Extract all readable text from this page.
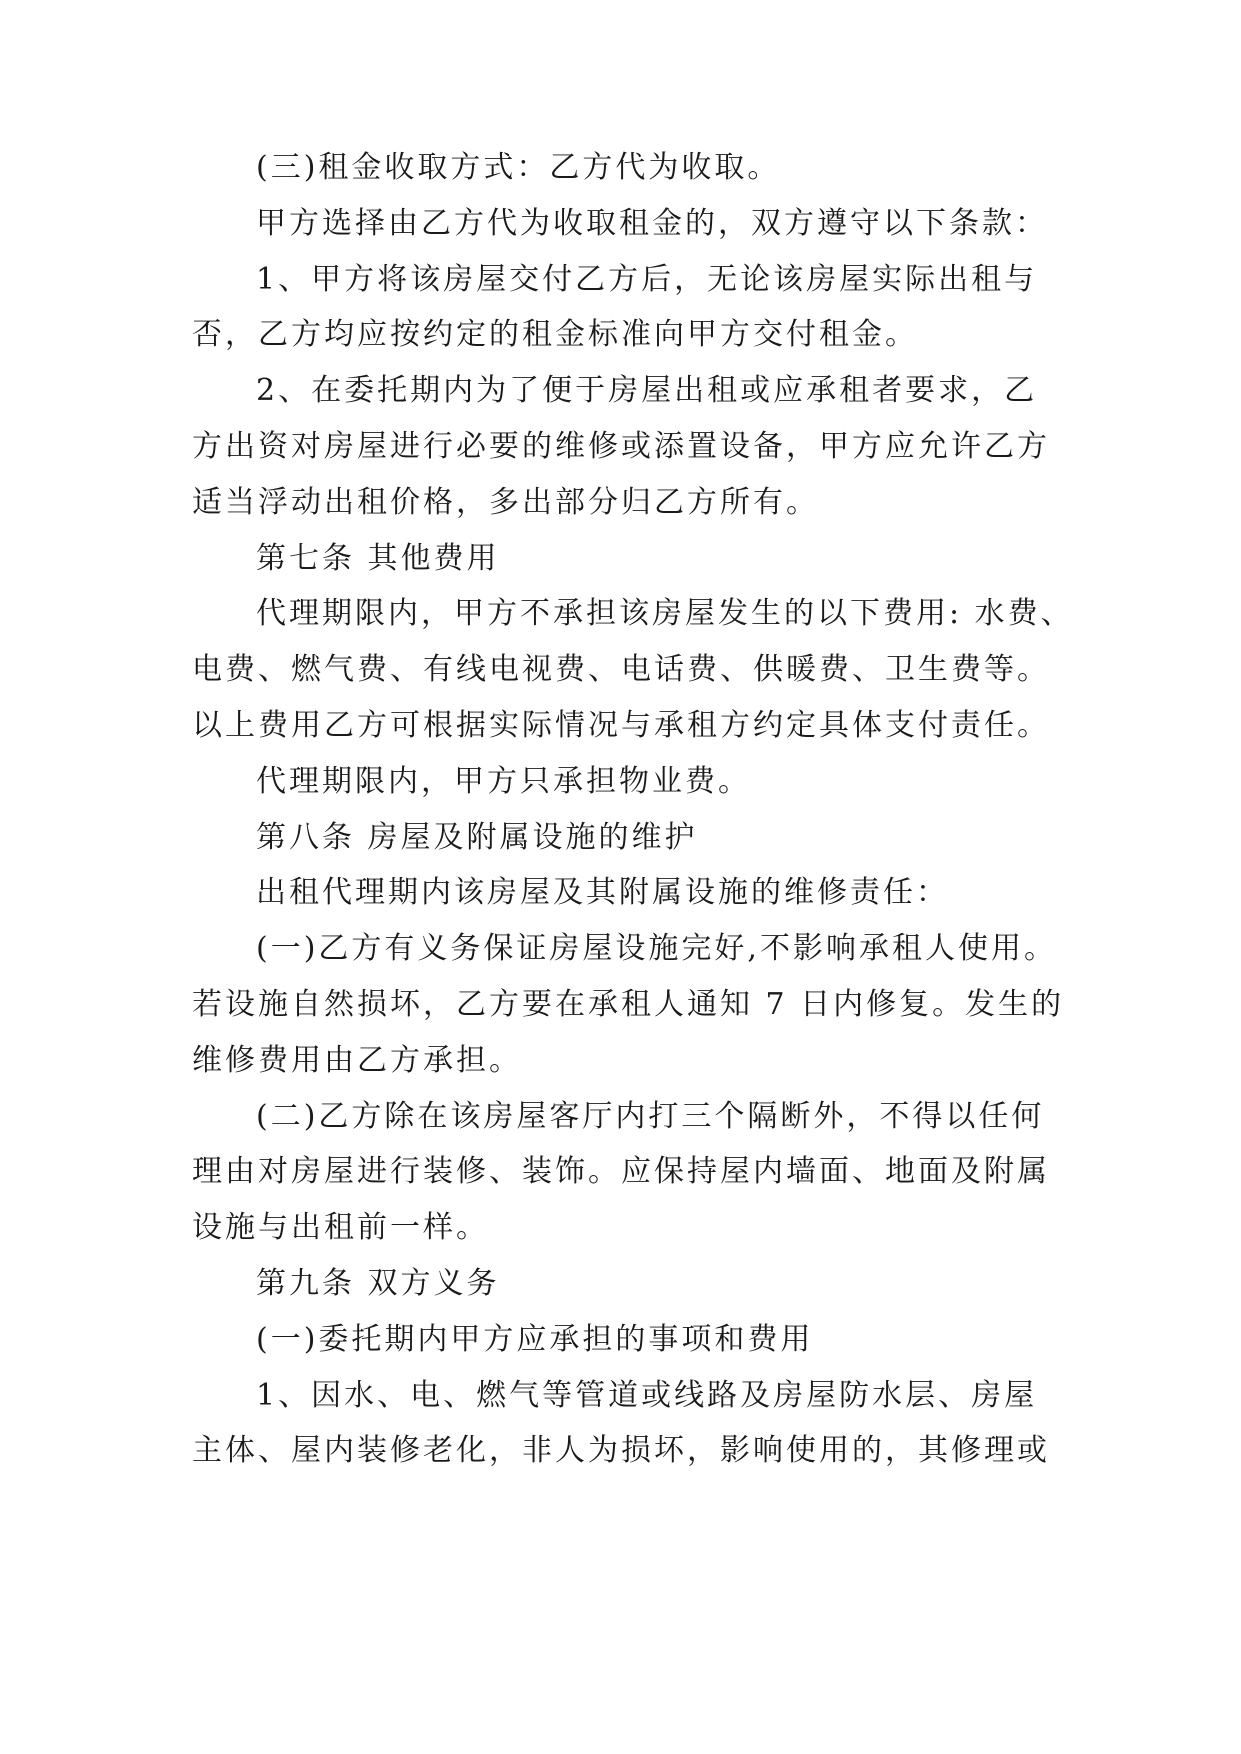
(三)租金收取方式：乙方代为收取。
甲方选择由乙方代为收取租金的，双方遵守以下条款：
1、甲方将该房屋交付乙方后，无论该房屋实际出租与
否，乙方均应按约定的租金标准向甲方交付租金。
2、在委托期内为了便于房屋出租或应承租者要求，乙
方出资对房屋进行必要的维修或添置设备，甲方应允许乙方
适当浮动出租价格，多出部分归乙方所有。
第七条 其他费用
代理期限内，甲方不承担该房屋发生的以下费用: 水费、
电费、燃气费、有线电视费、电话费、供暖费、卫生费等。
以上费用乙方可根据实际情况与承租方约定具体支付责任。
代理期限内，甲方只承担物业费。
第八条 房屋及附属设施的维护
出租代理期内该房屋及其附属设施的维修责任：
(一)乙方有义务保证房屋设施完好,不影响承租人使用。
若设施自然损坏，乙方要在承租人通知 7 日内修复。发生的
维修费用由乙方承担。
(二)乙方除在该房屋客厅内打三个隔断外，不得以任何
理由对房屋进行装修、装饰。应保持屋内墙面、地面及附属
设施与出租前一样。
第九条 双方义务
(一)委托期内甲方应承担的事项和费用
1、因水、电、燃气等管道或线路及房屋防水层、房屋
主体、屋内装修老化，非人为损坏，影响使用的，其修理或
